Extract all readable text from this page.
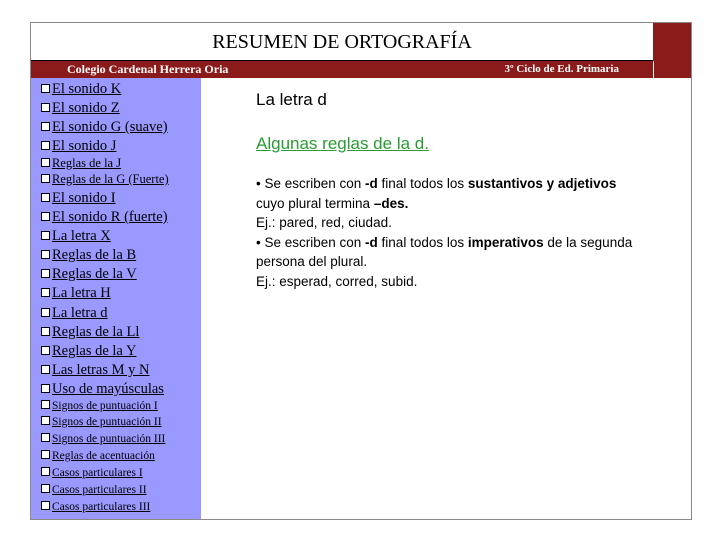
RESUMEN DE ORTOGRAFÍA
Colegio Cardenal Herrera Oria	3º Ciclo de Ed. Primaria
El sonido K
El sonido Z
El sonido G (suave)
El sonido J
Reglas de la J
Reglas de la G (Fuerte)
El sonido I
El sonido R (fuerte)
La letra X
Reglas de la B
Reglas de la V
La letra H
La letra d
Reglas de la Ll
Reglas de la Y
Las letras M y N
Uso de mayúsculas
Signos de puntuación I
Signos de puntuación II
Signos de puntuación III
Reglas de acentuación
Casos particulares I
Casos particulares II
Casos particulares III
La letra d
Algunas reglas de la d.
• Se escriben con -d final todos los sustantivos y adjetivos cuyo plural termina –des.
Ej.: pared, red, ciudad.
• Se escriben con -d final todos los imperativos de la segunda persona del plural.
Ej.: esperad, corred, subid.
